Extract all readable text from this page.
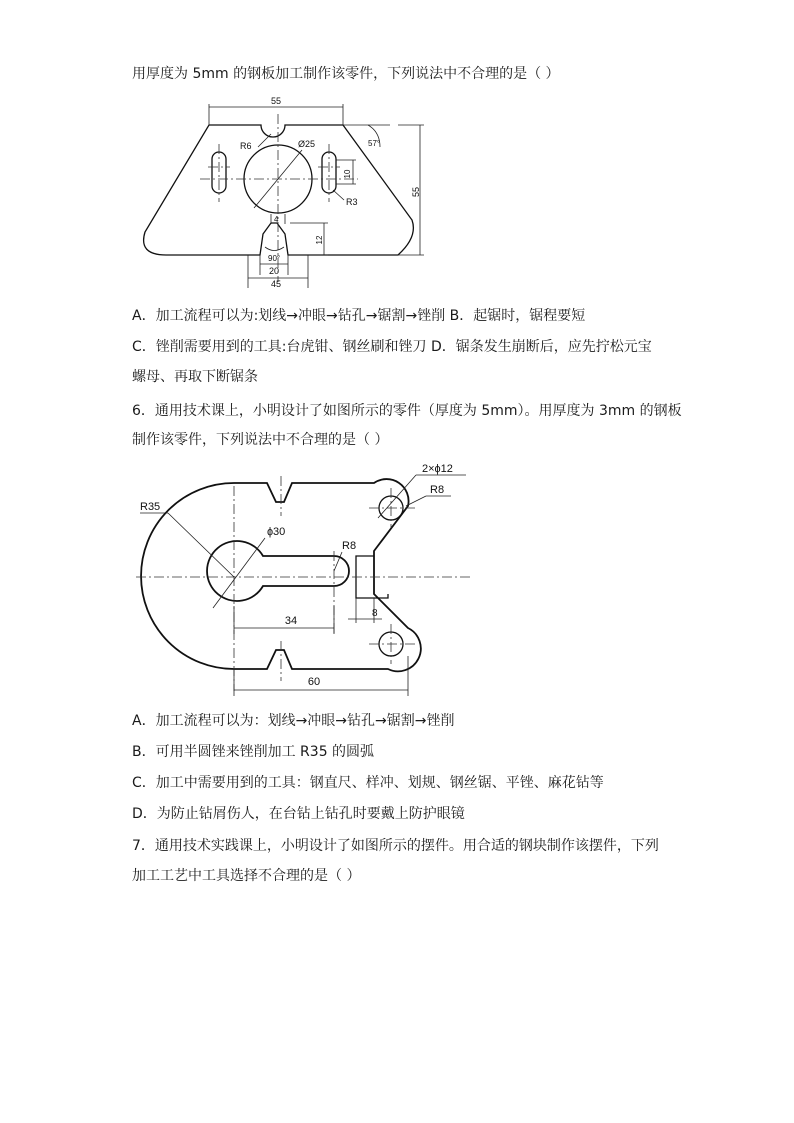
用厚度为 5mm 的钢板加工制作该零件，下列说法中不合理的是（ ）
55
R6	Ø25	57°
55
10
R3
4
12
90°
20
45
A．加工流程可以为:划线→冲眼→钻孔→锯割→锉削 B．起锯时，锯程要短
C．锉削需要用到的工具:台虎钳、钢丝刷和锉刀 D．锯条发生崩断后，应先拧松元宝
螺母、再取下断锯条
6．通用技术课上，小明设计了如图所示的零件（厚度为 5mm）。用厚度为 3mm 的钢板
制作该零件，下列说法中不合理的是（ ）
2×ɸ12
R8
R35
ɸ30
R8
8
34
60
A．加工流程可以为：划线→冲眼→钻孔→锯割→锉削
B．可用半圆锉来锉削加工 R35 的圆弧
C．加工中需要用到的工具：钢直尺、样冲、划规、钢丝锯、平锉、麻花钻等
D．为防止钻屑伤人，在台钻上钻孔时要戴上防护眼镜
7．通用技术实践课上，小明设计了如图所示的摆件。用合适的钢块制作该摆件，下列
加工工艺中工具选择不合理的是（ ）
